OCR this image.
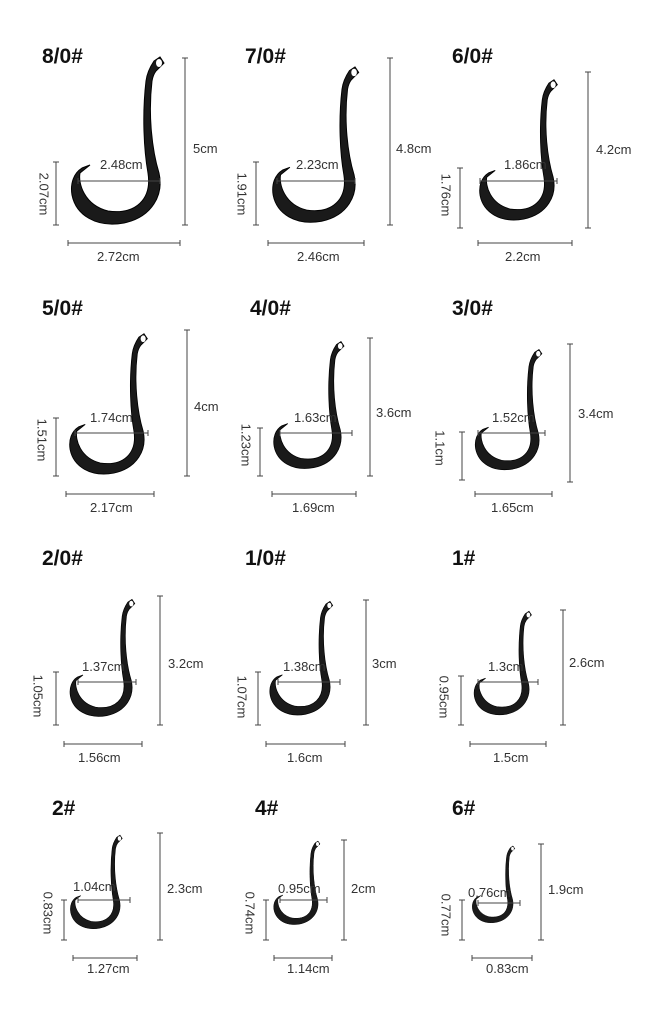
8/0#
5cm
2.48cm
2.07cm
2.72cm
7/0#
4.8cm
2.23cm
1.91cm
2.46cm
6/0#
4.2cm
1.86cm
1.76cm
2.2cm
5/0#
4cm
1.74cm
1.51cm
2.17cm
4/0#
3.6cm
1.63cm
1.23cm
1.69cm
3/0#
3.4cm
1.52cm
1.1cm
1.65cm
2/0#
3.2cm
1.37cm
1.05cm
1.56cm
1/0#
3cm
1.38cm
1.07cm
1.6cm
1#
2.6cm
1.3cm
0.95cm
1.5cm
2#
2.3cm
1.04cm
0.83cm
1.27cm
4#
2cm
0.95cm
0.74cm
1.14cm
6#
1.9cm
0.76cm
0.77cm
0.83cm
